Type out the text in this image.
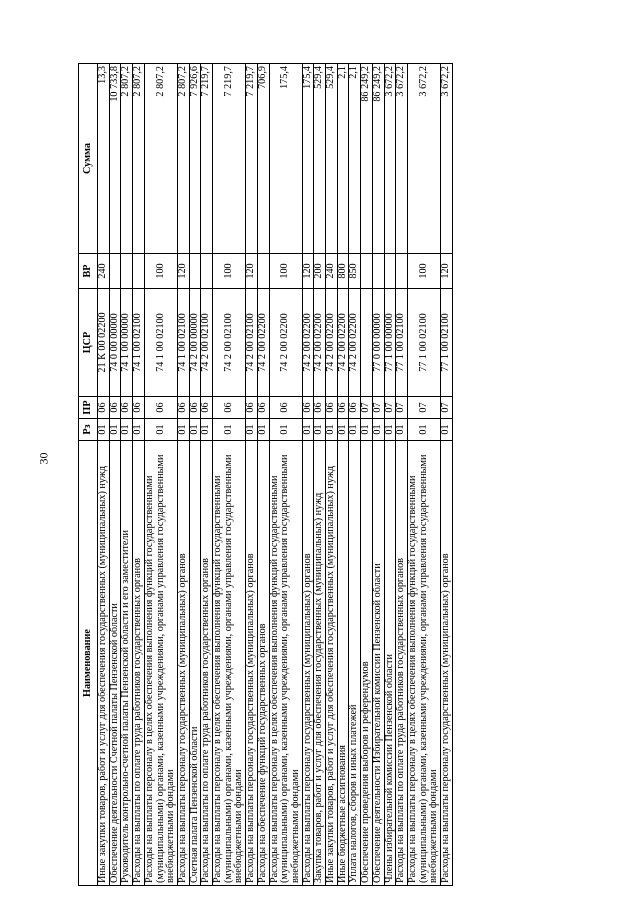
30
Наименование	Рз	ПР	ЦСР	ВР	Сумма
Иные закупки товаров, работ и услуг для обеспечения государственных (муниципальных) нужд	01	06	21 К 00 02200	240	13,3
Обеспечение деятельности Счетной палаты Пензенской области	01	06	74 0 00 00000		10 733,8
Руководитель контрольно-счетной палаты Пензенской области и его заместители	01	06	74 1 00 00000		2 807,2
Расходы на выплаты по оплате труда работников государственных органов	01	06	74 1 00 02100		2 807,2
Расходы на выплаты персоналу в целях обеспечения выполнения функций государственными (муниципальными) органами, казенными учреждениями, органами управления государственными внебюджетными фондами	01	06	74 1 00 02100	100	2 807,2
Расходы на выплаты персоналу государственных (муниципальных) органов	01	06	74 1 00 02100	120	2 807,2
Счетная палата Пензенской области	01	06	74 2 00 00000		7 926,6
Расходы на выплаты по оплате труда работников государственных органов	01	06	74 2 00 02100		7 219,7
Расходы на выплаты персоналу в целях обеспечения выполнения функций государственными (муниципальными) органами, казенными учреждениями, органами управления государственными внебюджетными фондами	01	06	74 2 00 02100	100	7 219,7
Расходы на выплаты персоналу государственных (муниципальных) органов	01	06	74 2 00 02100	120	7 219,7
Расходы на обеспечение функций государственных органов	01	06	74 2 00 02200		706,9
Расходы на выплаты персоналу в целях обеспечения выполнения функций государственными (муниципальными) органами, казенными учреждениями, органами управления государственными внебюджетными фондами	01	06	74 2 00 02200	100	175,4
Расходы на выплаты персоналу государственных (муниципальных) органов	01	06	74 2 00 02200	120	175,4
Закупка товаров, работ и услуг для обеспечения государственных (муниципальных) нужд	01	06	74 2 00 02200	200	529,4
Иные закупки товаров, работ и услуг для обеспечения государственных (муниципальных) нужд	01	06	74 2 00 02200	240	529,4
Иные бюджетные ассигнования	01	06	74 2 00 02200	800	2,1
Уплата налогов, сборов и иных платежей	01	06	74 2 00 02200	850	2,1
Обеспечение проведения выборов и референдумов	01	07			86 249,2
Обеспечение деятельности Избирательной комиссии Пензенской области	01	07	77 0 00 00000		86 249,2
Члены избирательной комиссии Пензенской области	01	07	77 1 00 00000		3 672,2
Расходы на выплаты по оплате труда работников государственных органов	01	07	77 1 00 02100		3 672,2
Расходы на выплаты персоналу в целях обеспечения выполнения функций государственными (муниципальными) органами, казенными учреждениями, органами управления государственными внебюджетными фондами	01	07	77 1 00 02100	100	3 672,2
Расходы на выплаты персоналу государственных (муниципальных) органов	01	07	77 1 00 02100	120	3 672,2
